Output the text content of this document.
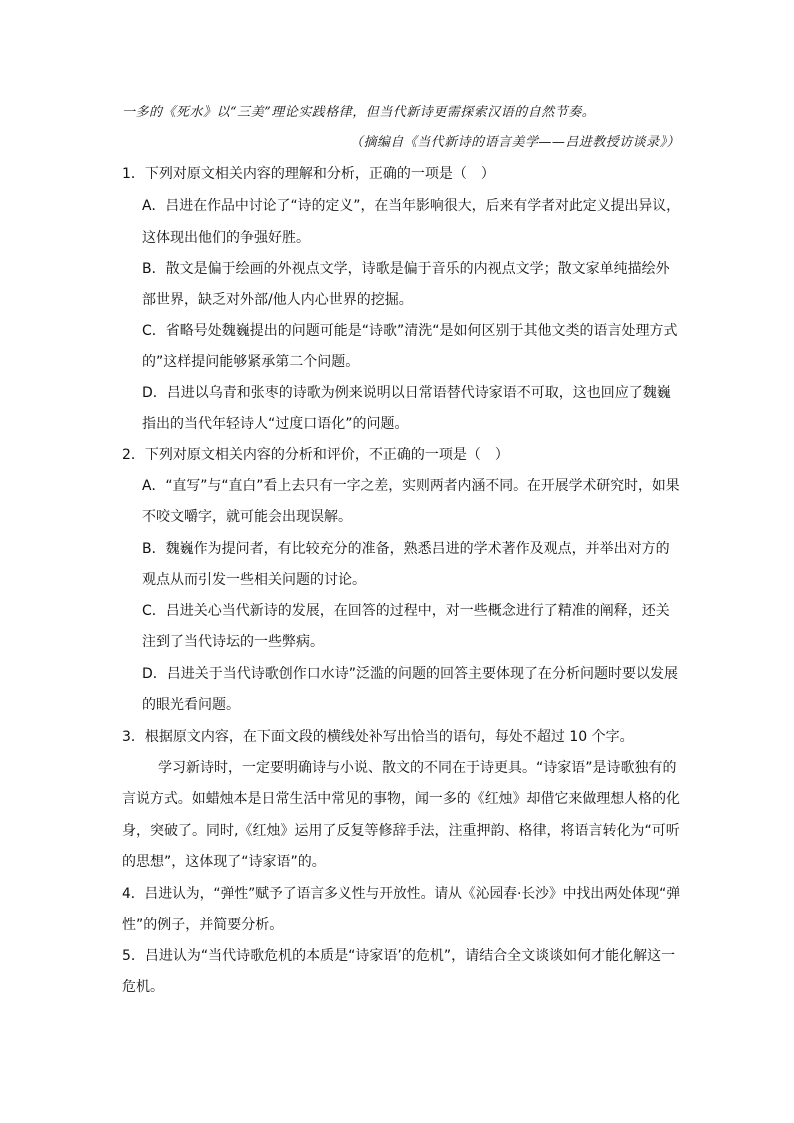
一多的《死水》以“三美”理论实践格律，但当代新诗更需探索汉语的自然节奏。
（摘编自《当代新诗的语言美学——吕进教授访谈录》）
1．下列对原文相关内容的理解和分析，正确的一项是（　）
A．吕进在作品中讨论了“诗的定义”，在当年影响很大，后来有学者对此定义提出异议，
这体现出他们的争强好胜。
B．散文是偏于绘画的外视点文学，诗歌是偏于音乐的内视点文学；散文家单纯描绘外
部世界，缺乏对外部/他人内心世界的挖掘。
C．省略号处魏巍提出的问题可能是“诗歌”清洗“是如何区别于其他文类的语言处理方式
的”这样提问能够紧承第二个问题。
D．吕进以乌青和张枣的诗歌为例来说明以日常语替代诗家语不可取，这也回应了魏巍
指出的当代年轻诗人“过度口语化”的问题。
2．下列对原文相关内容的分析和评价，不正确的一项是（　）
A．“直写”与“直白”看上去只有一字之差，实则两者内涵不同。在开展学术研究时，如果
不咬文嚼字，就可能会出现误解。
B．魏巍作为提问者，有比较充分的准备，熟悉吕进的学术著作及观点，并举出对方的
观点从而引发一些相关问题的讨论。
C．吕进关心当代新诗的发展，在回答的过程中，对一些概念进行了精准的阐释，还关
注到了当代诗坛的一些弊病。
D．吕进关于当代诗歌创作口水诗”泛滥的问题的回答主要体现了在分析问题时要以发展
的眼光看问题。
3．根据原文内容，在下面文段的横线处补写出恰当的语句，每处不超过 10 个字。
学习新诗时，一定要明确诗与小说、散文的不同在于诗更具。“诗家语”是诗歌独有的
言说方式。如蜡烛本是日常生活中常见的事物，闻一多的《红烛》却借它来做理想人格的化
身，突破了。同时,《红烛》运用了反复等修辞手法，注重押韵、格律，将语言转化为“可听
的思想”，这体现了“诗家语”的。
4．吕进认为，“弹性”赋予了语言多义性与开放性。请从《沁园春·长沙》中找出两处体现“弹
性”的例子，并简要分析。
5．吕进认为“当代诗歌危机的本质是“诗家语’的危机”，请结合全文谈谈如何才能化解这一
危机。
